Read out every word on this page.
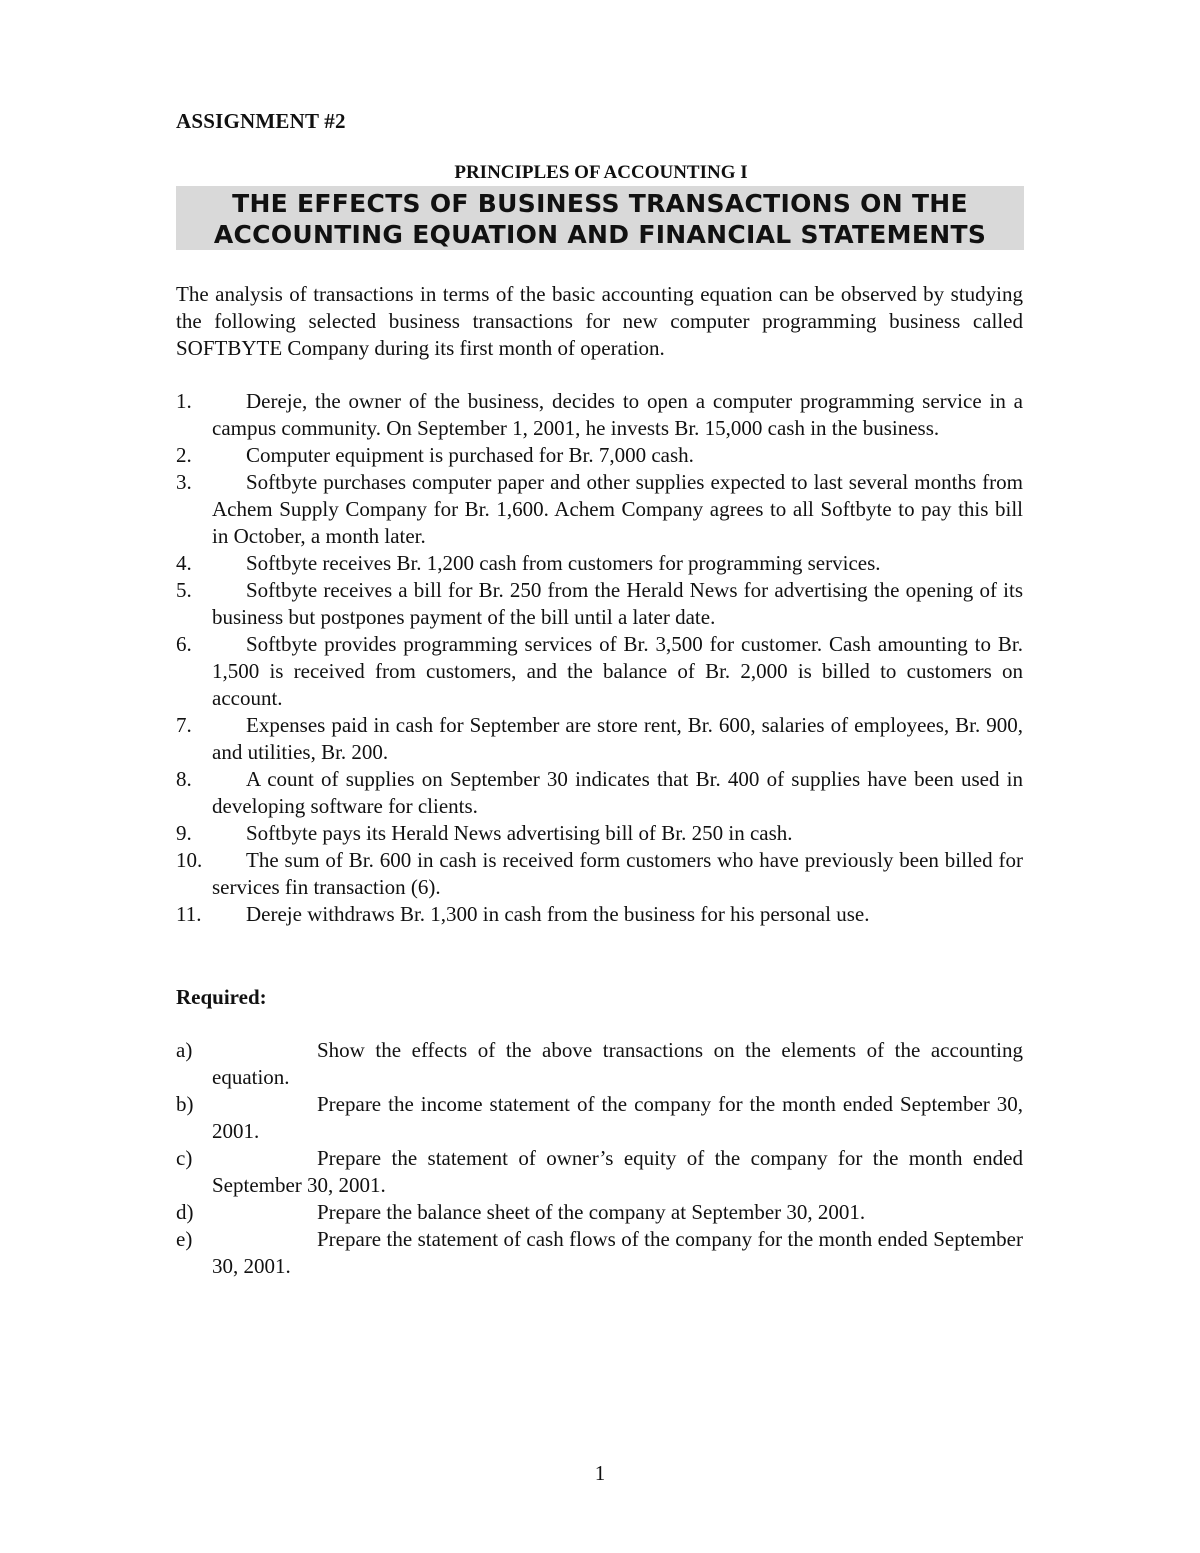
ASSIGNMENT #2
PRINCIPLES OF ACCOUNTING I
THE EFFECTS OF BUSINESS TRANSACTIONS ON THE
ACCOUNTING EQUATION AND FINANCIAL STATEMENTS
The analysis of transactions in terms of the basic accounting equation can be observed by studying the following selected business transactions for new computer programming business called SOFTBYTE Company during its first month of operation.
1.	Dereje, the owner of the business, decides to open a computer programming service in a campus community. On September 1, 2001, he invests Br. 15,000 cash in the business.
2.	Computer equipment is purchased for Br. 7,000 cash.
3.	Softbyte purchases computer paper and other supplies expected to last several months from Achem Supply Company for Br. 1,600. Achem Company agrees to all Softbyte to pay this bill in October, a month later.
4.	Softbyte receives Br. 1,200 cash from customers for programming services.
5.	Softbyte receives a bill for Br. 250 from the Herald News for advertising the opening of its business but postpones payment of the bill until a later date.
6.	Softbyte provides programming services of Br. 3,500 for customer. Cash amounting to Br. 1,500 is received from customers, and the balance of Br. 2,000 is billed to customers on account.
7.	Expenses paid in cash for September are store rent, Br. 600, salaries of employees, Br. 900, and utilities, Br. 200.
8.	A count of supplies on September 30 indicates that Br. 400 of supplies have been used in developing software for clients.
9.	Softbyte pays its Herald News advertising bill of Br. 250 in cash.
10.	The sum of Br. 600 in cash is received form customers who have previously been billed for services fin transaction (6).
11.	Dereje withdraws Br. 1,300 in cash from the business for his personal use.
Required:
a)	Show the effects of the above transactions on the elements of the accounting equation.
b)	Prepare the income statement of the company for the month ended September 30, 2001.
c)	Prepare the statement of owner’s equity of the company for the month ended September 30, 2001.
d)	Prepare the balance sheet of the company at September 30, 2001.
e)	Prepare the statement of cash flows of the company for the month ended September 30, 2001.
1
